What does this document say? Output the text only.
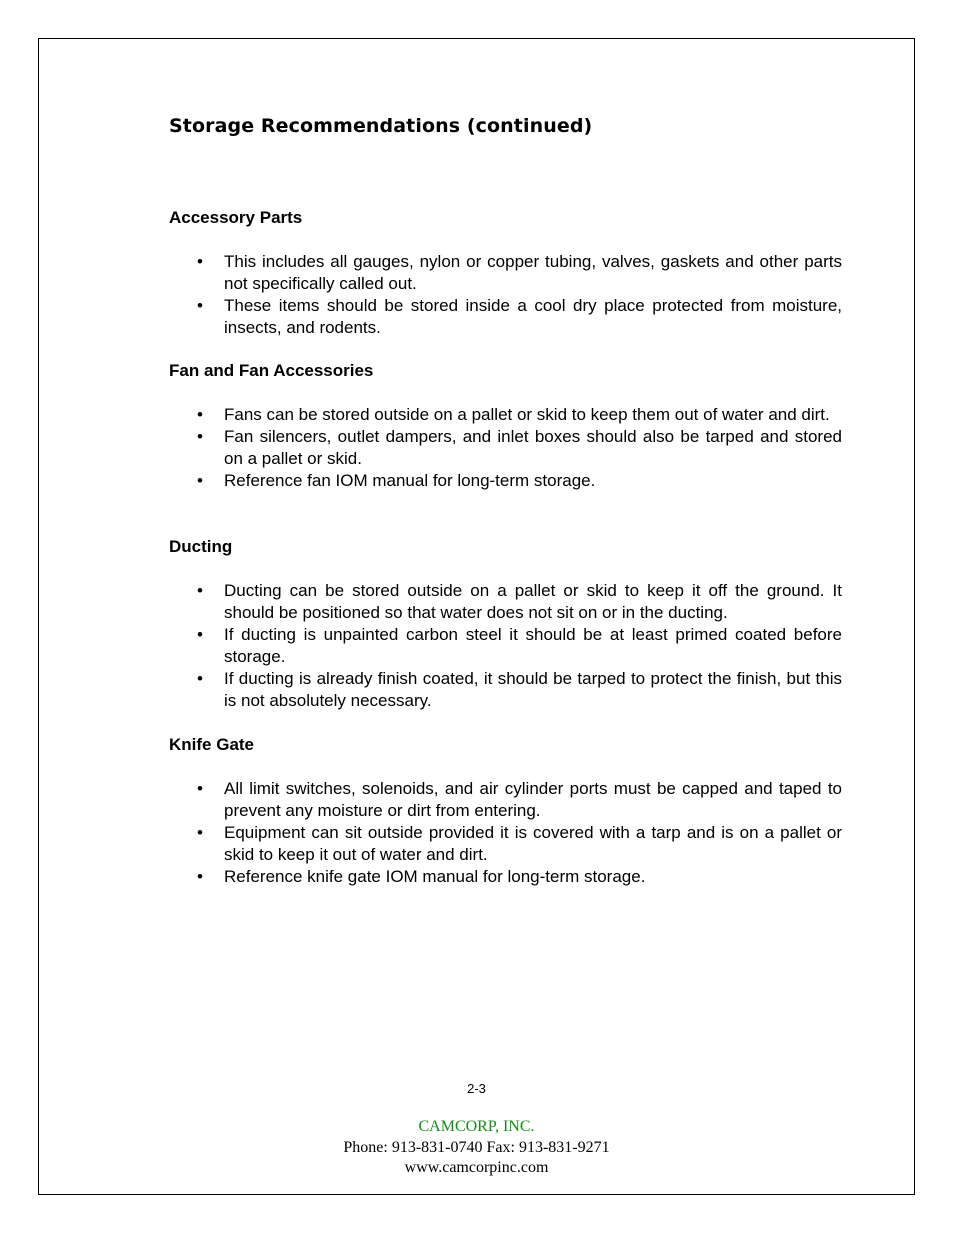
Storage Recommendations (continued)
Accessory Parts
• This includes all gauges, nylon or copper tubing, valves, gaskets and other parts not specifically called out.
• These items should be stored inside a cool dry place protected from moisture, insects, and rodents.
Fan and Fan Accessories
• Fans can be stored outside on a pallet or skid to keep them out of water and dirt.
• Fan silencers, outlet dampers, and inlet boxes should also be tarped and stored on a pallet or skid.
• Reference fan IOM manual for long-term storage.
Ducting
• Ducting can be stored outside on a pallet or skid to keep it off the ground. It should be positioned so that water does not sit on or in the ducting.
• If ducting is unpainted carbon steel it should be at least primed coated before storage.
• If ducting is already finish coated, it should be tarped to protect the finish, but this is not absolutely necessary.
Knife Gate
• All limit switches, solenoids, and air cylinder ports must be capped and taped to prevent any moisture or dirt from entering.
• Equipment can sit outside provided it is covered with a tarp and is on a pallet or skid to keep it out of water and dirt.
• Reference knife gate IOM manual for long-term storage.
2-3
CAMCORP, INC.
Phone: 913-831-0740 Fax: 913-831-9271
www.camcorpinc.com
